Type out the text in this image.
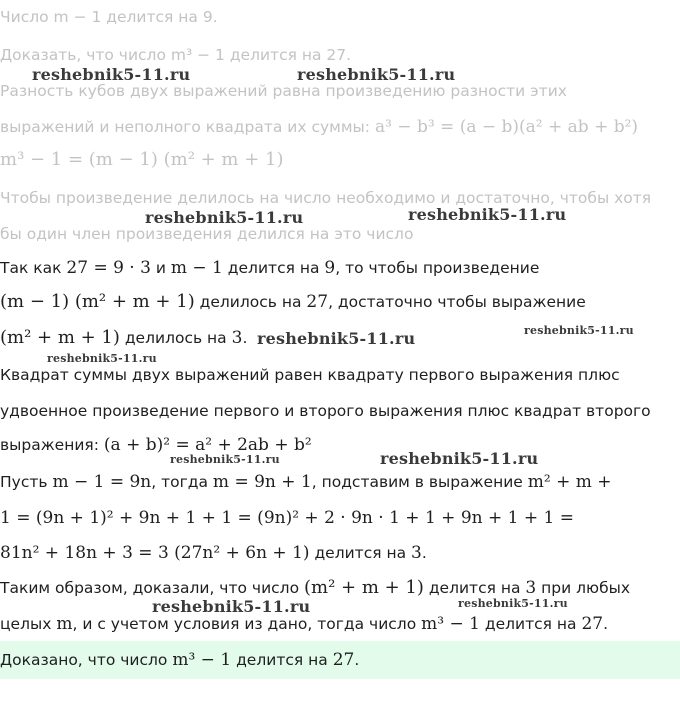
Число m − 1 делится на 9.
Доказать, что число m³ − 1 делится на 27.
Разность кубов двух выражений равна произведению разности этих
выражений и неполного квадрата их суммы: a³ − b³ = (a − b)(a² + ab + b²)
m³ − 1 = (m − 1) (m² + m + 1)
Чтобы произведение делилось на число необходимо и достаточно, чтобы хотя
бы один член произведения делился на это число
Так как 27 = 9 · 3 и m − 1 делится на 9, то чтобы произведение
(m − 1) (m² + m + 1) делилось на 27, достаточно чтобы выражение
(m² + m + 1) делилось на 3.
Квадрат суммы двух выражений равен квадрату первого выражения плюс
удвоенное произведение первого и второго выражения плюс квадрат второго
выражения: (a + b)² = a² + 2ab + b²
Пусть m − 1 = 9n, тогда m = 9n + 1, подставим в выражение m² + m +
1 = (9n + 1)² + 9n + 1 + 1 = (9n)² + 2 · 9n · 1 + 1 + 9n + 1 + 1 =
81n² + 18n + 3 = 3 (27n² + 6n + 1) делится на 3.
Таким образом, доказали, что число (m² + m + 1) делится на 3 при любых
целых m, и с учетом условия из дано, тогда число m³ − 1 делится на 27.
Доказано, что число m³ − 1 делится на 27.
reshebnik5-11.ru	reshebnik5-11.ru
reshebnik5-11.ru	reshebnik5-11.ru
reshebnik5-11.ru	reshebnik5-11.ru
reshebnik5-11.ru
reshebnik5-11.ru	reshebnik5-11.ru
reshebnik5-11.ru	reshebnik5-11.ru
